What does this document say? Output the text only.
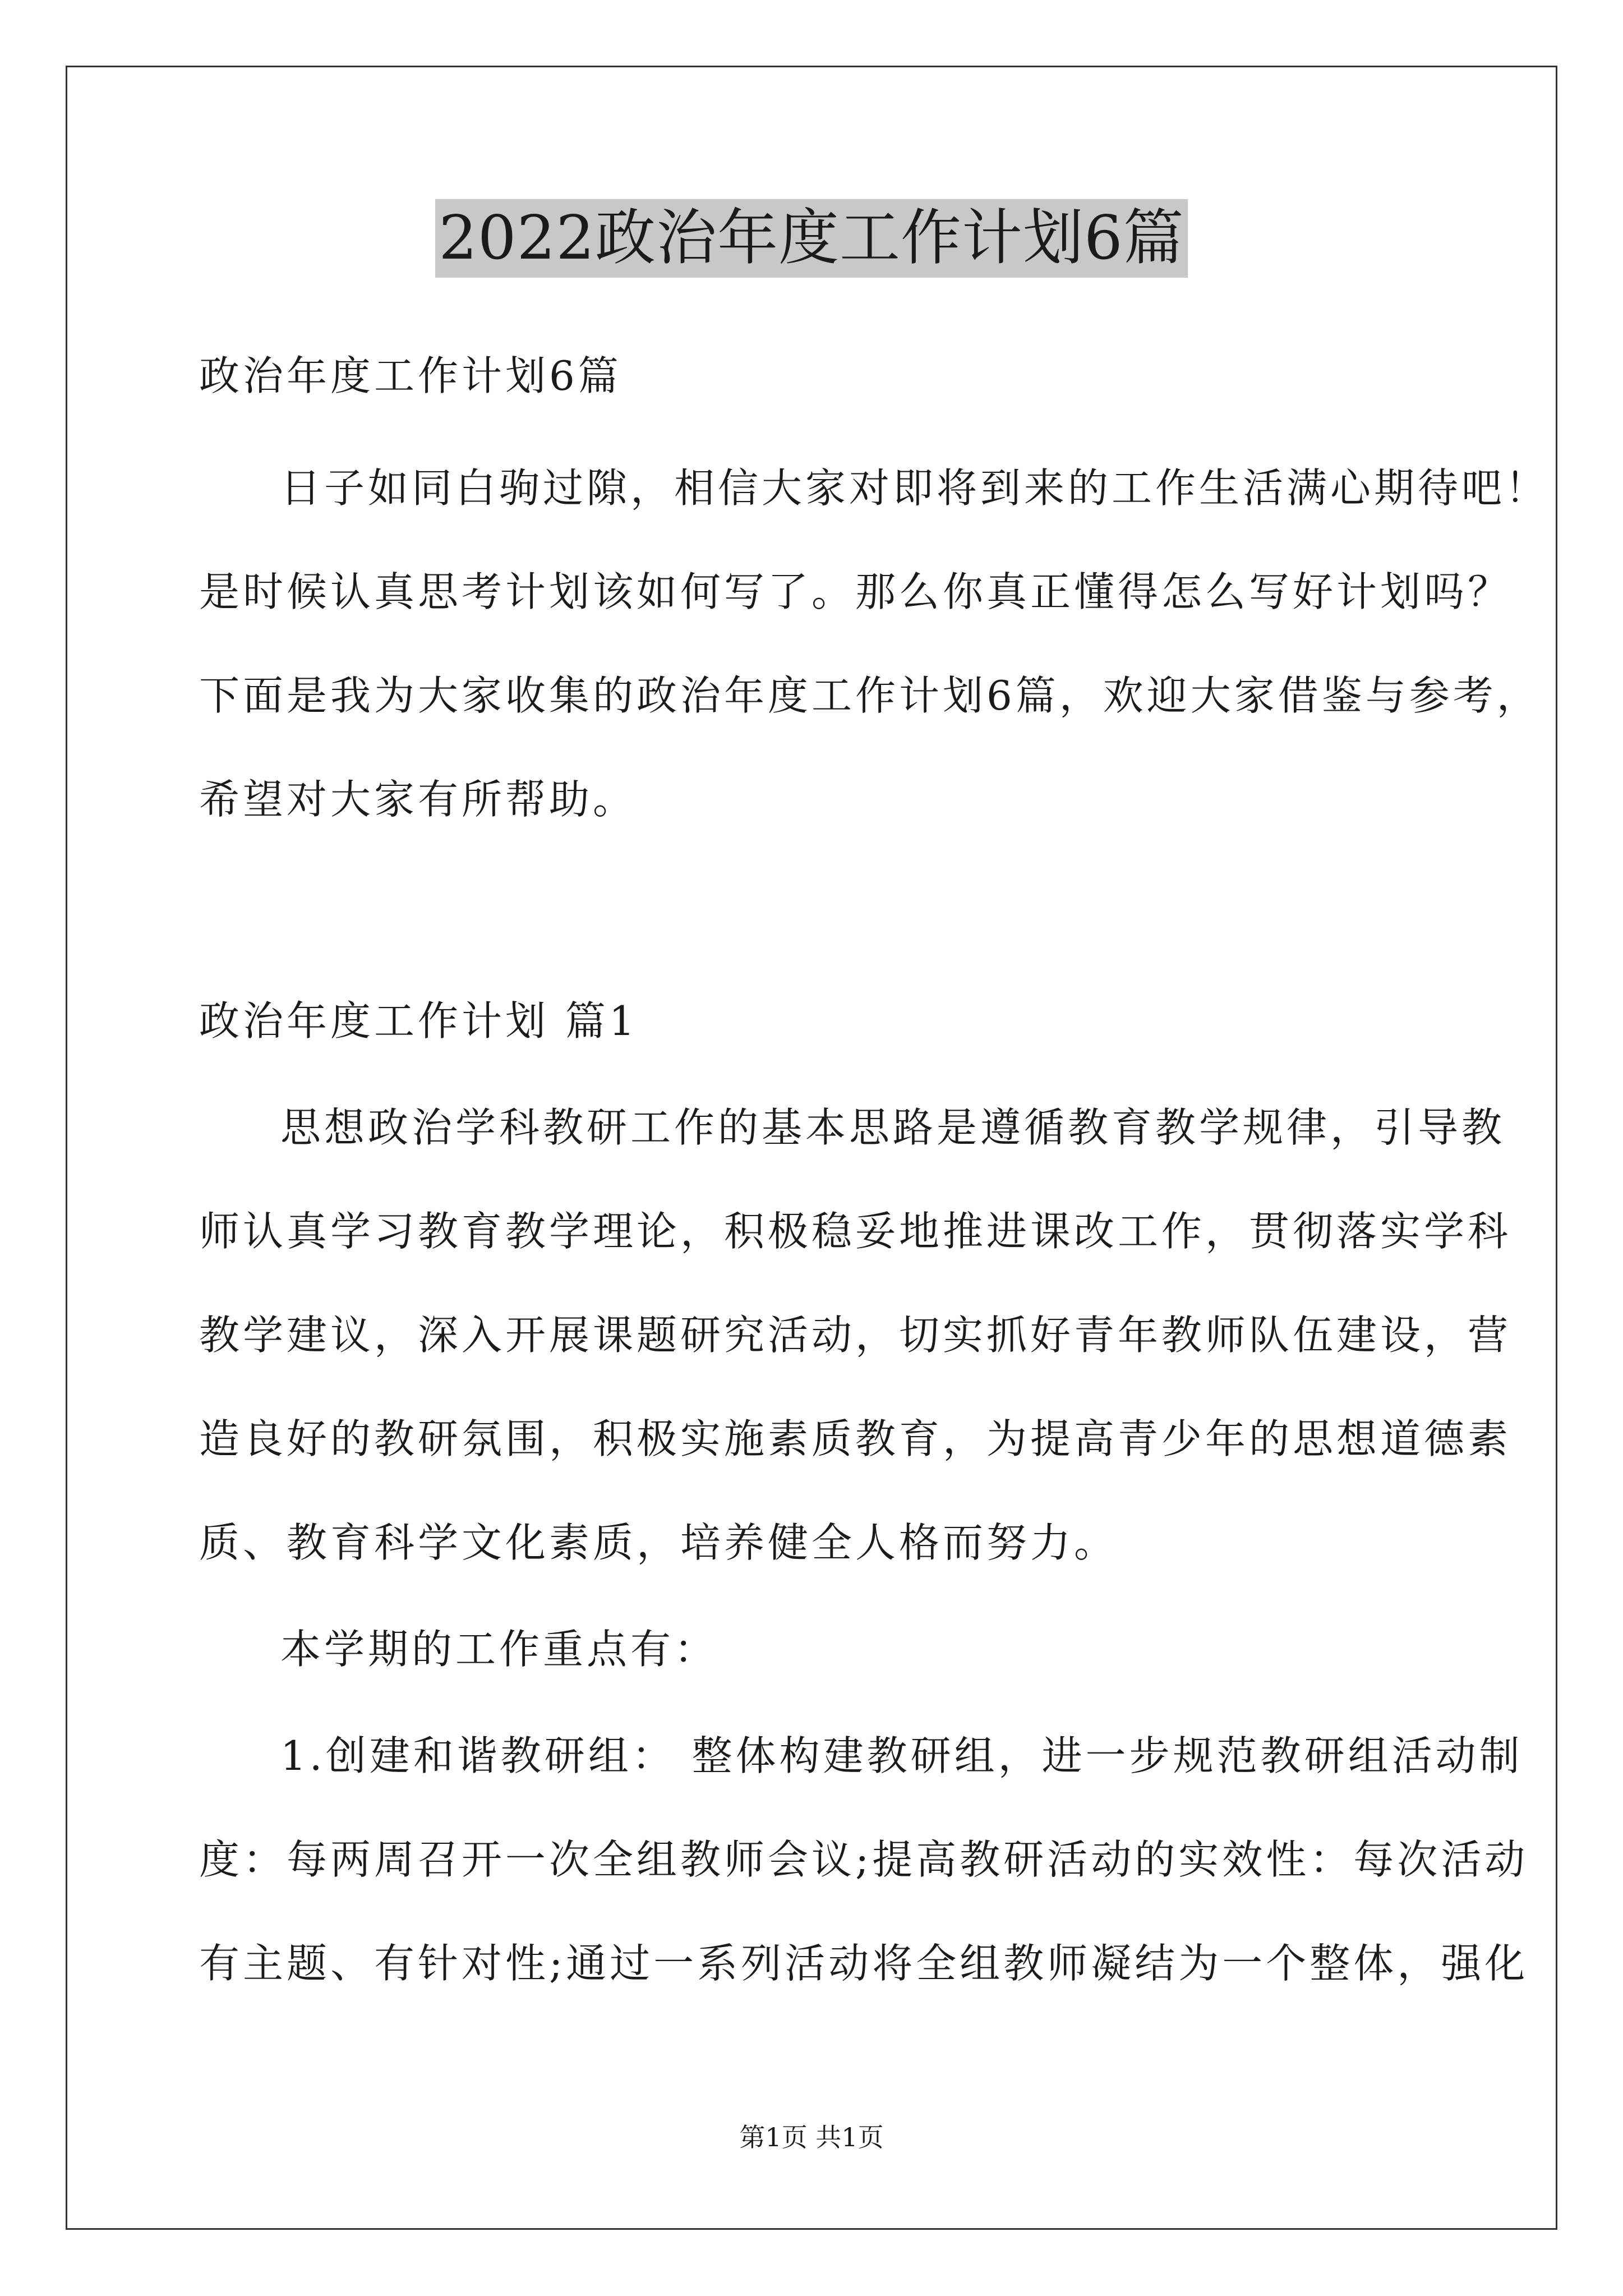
2022政治年度工作计划6篇
政治年度工作计划6篇
日子如同白驹过隙，相信大家对即将到来的工作生活满心期待吧！
是时候认真思考计划该如何写了。那么你真正懂得怎么写好计划吗？
下面是我为大家收集的政治年度工作计划6篇，欢迎大家借鉴与参考，
希望对大家有所帮助。
政治年度工作计划 篇1
思想政治学科教研工作的基本思路是遵循教育教学规律，引导教
师认真学习教育教学理论，积极稳妥地推进课改工作，贯彻落实学科
教学建议，深入开展课题研究活动，切实抓好青年教师队伍建设，营
造良好的教研氛围，积极实施素质教育，为提高青少年的思想道德素
质、教育科学文化素质，培养健全人格而努力。
本学期的工作重点有：
1.创建和谐教研组： 整体构建教研组，进一步规范教研组活动制
度：每两周召开一次全组教师会议;提高教研活动的实效性：每次活动
有主题、有针对性;通过一系列活动将全组教师凝结为一个整体，强化
第1页 共1页
